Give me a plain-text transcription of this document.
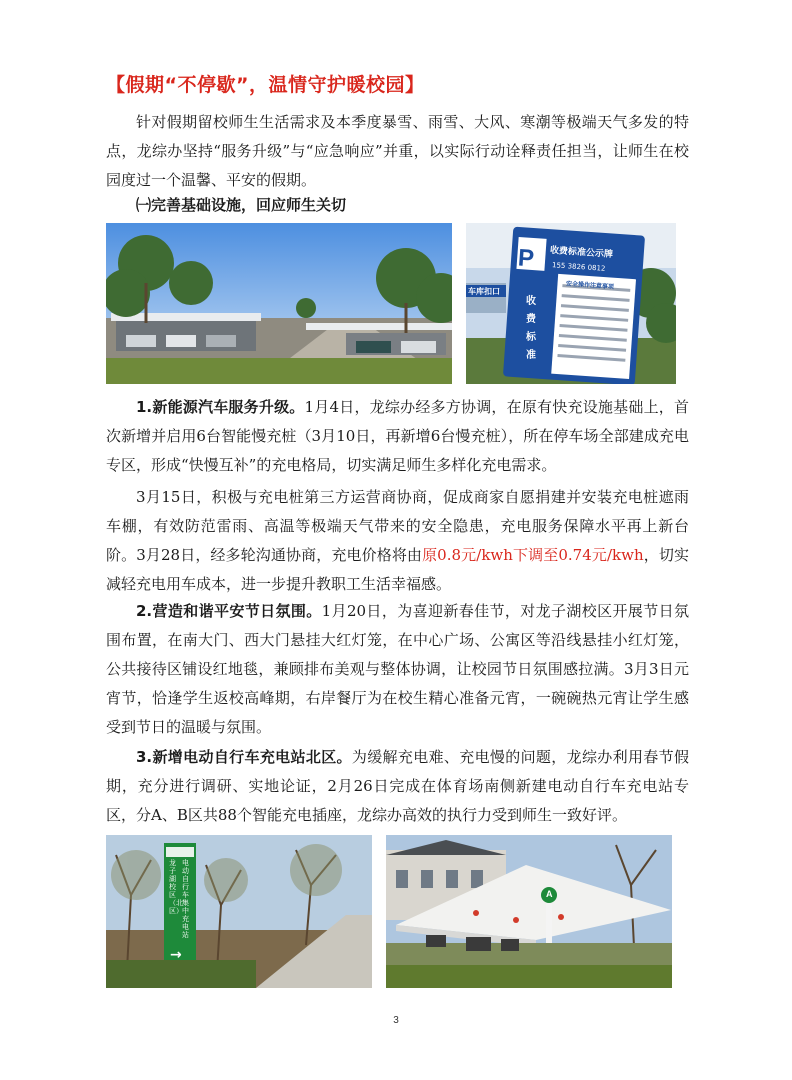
【假期“不停歇”，温情守护暖校园】

针对假期留校师生生活需求及本季度暴雪、雨雪、大风、寒潮等极端天气多发的特点，龙综办坚持“服务升级”与“应急响应”并重，以实际行动诠释责任担当，让师生在校园度过一个温馨、平安的假期。

㈠完善基础设施，回应师生关切
P 收费标准公示牌
155 3826 0812
车库扣口
收费标准
安全操作注意事项

1.新能源汽车服务升级。1月4日，龙综办经多方协调，在原有快充设施基础上，首次新增并启用6台智能慢充桩（3月10日，再新增6台慢充桩），所在停车场全部建成充电专区，形成“快慢互补”的充电格局，切实满足师生多样化充电需求。

3月15日，积极与充电桩第三方运营商协商，促成商家自愿捐建并安装充电桩遮雨车棚，有效防范雷雨、高温等极端天气带来的安全隐患，充电服务保障水平再上新台阶。3月28日，经多轮沟通协商，充电价格将由原0.8元/kwh下调至0.74元/kwh，切实减轻充电用车成本，进一步提升教职工生活幸福感。

2.营造和谐平安节日氛围。1月20日，为喜迎新春佳节，对龙子湖校区开展节日氛围布置，在南大门、西大门悬挂大红灯笼，在中心广场、公寓区等沿线悬挂小红灯笼，公共接待区铺设红地毯，兼顾排布美观与整体协调，让校园节日氛围感拉满。3月3日元宵节，恰逢学生返校高峰期，右岸餐厅为在校生精心准备元宵，一碗碗热元宵让学生感受到节日的温暖与氛围。

3.新增电动自行车充电站北区。为缓解充电难、充电慢的问题，龙综办利用春节假期，充分进行调研、实地论证，2月26日完成在体育场南侧新建电动自行车充电站专区，分A、B区共88个智能充电插座，龙综办高效的执行力受到师生一致好评。

电动自行车集中充电站
龙子湖校区（北区）
→
A
3
